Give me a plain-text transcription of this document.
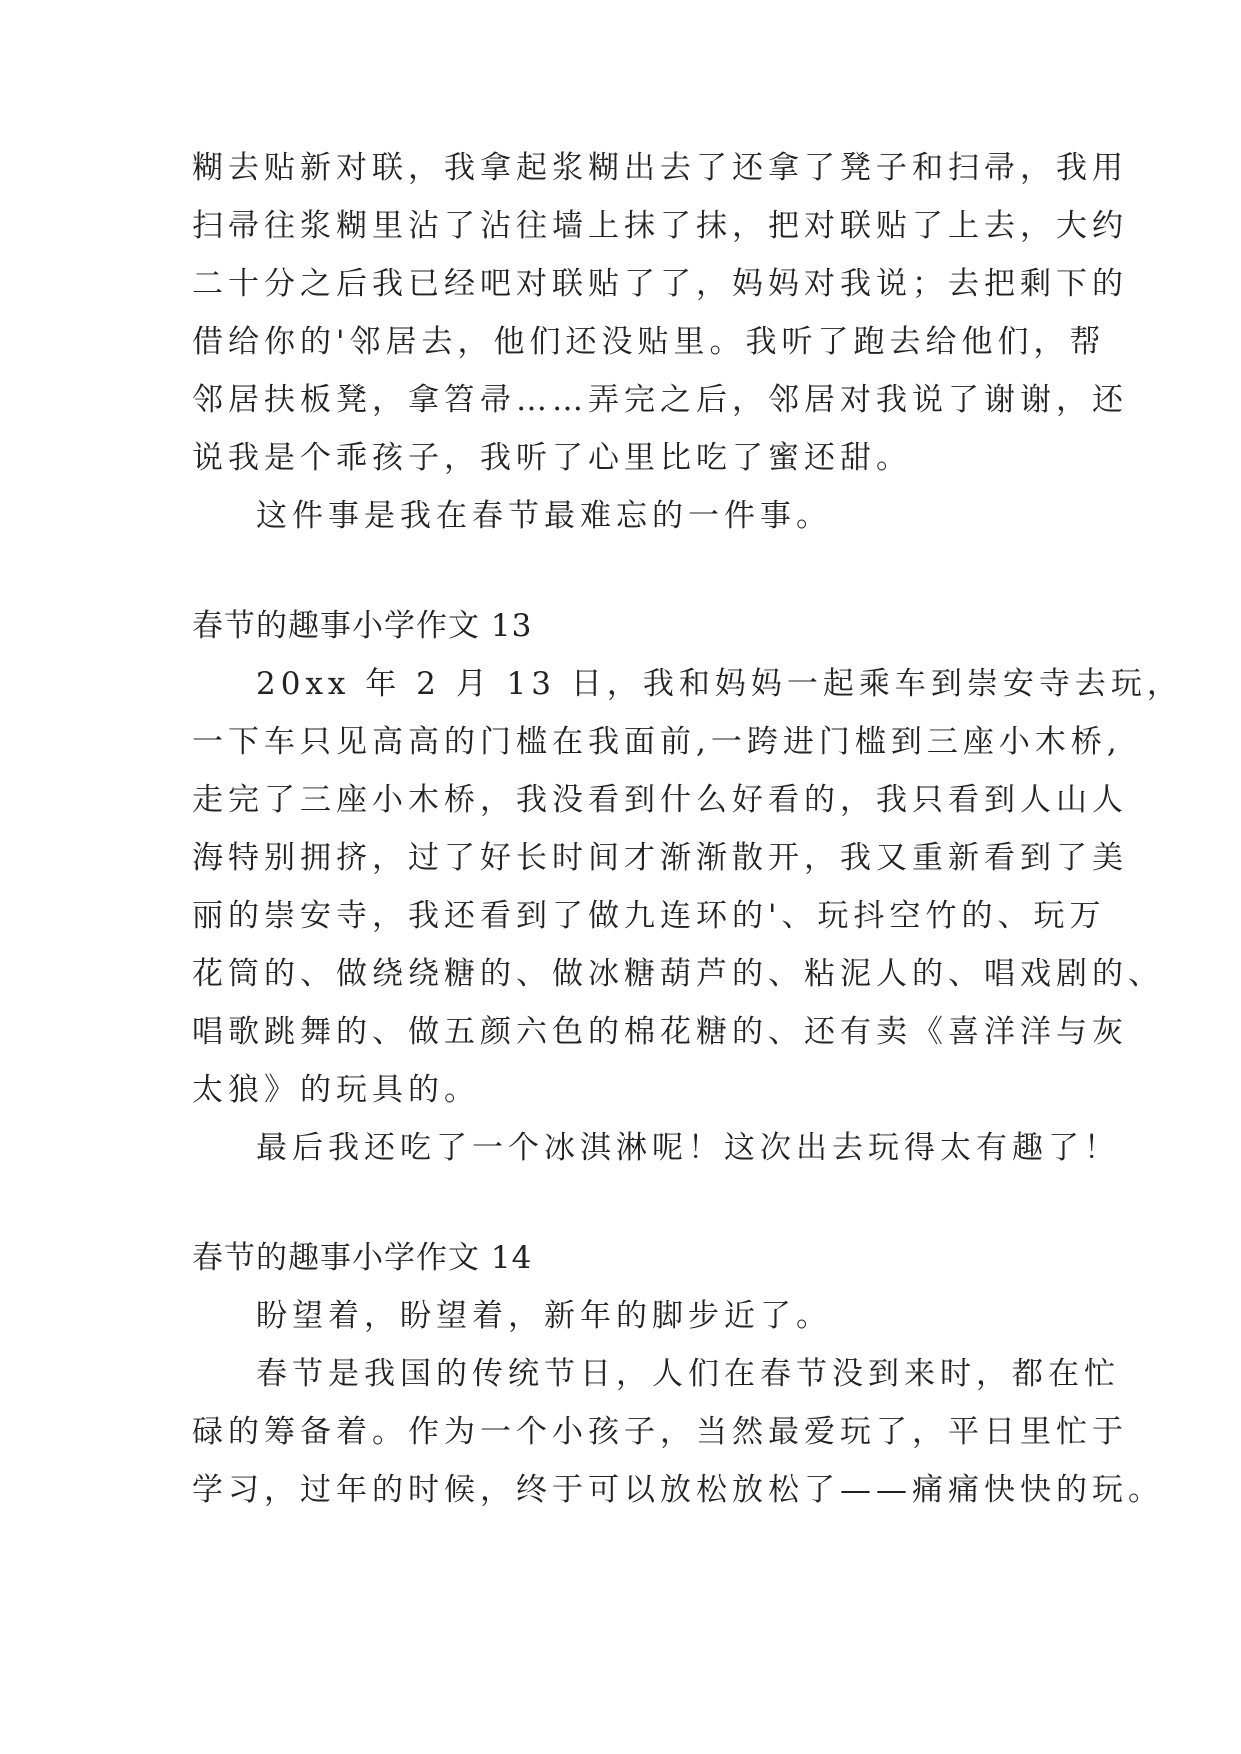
糊去贴新对联，我拿起浆糊出去了还拿了凳子和扫帚，我用
扫帚往浆糊里沾了沾往墙上抹了抹，把对联贴了上去，大约
二十分之后我已经吧对联贴了了，妈妈对我说；去把剩下的
借给你的'邻居去，他们还没贴里。我听了跑去给他们，帮
邻居扶板凳，拿笤帚……弄完之后，邻居对我说了谢谢，还
说我是个乖孩子，我听了心里比吃了蜜还甜。
这件事是我在春节最难忘的一件事。
春节的趣事小学作文 13
20xx 年 2 月 13 日，我和妈妈一起乘车到崇安寺去玩，
一下车只见高高的门槛在我面前,一跨进门槛到三座小木桥,
走完了三座小木桥，我没看到什么好看的，我只看到人山人
海特别拥挤，过了好长时间才渐渐散开，我又重新看到了美
丽的崇安寺，我还看到了做九连环的'、玩抖空竹的、玩万
花筒的、做绕绕糖的、做冰糖葫芦的、粘泥人的、唱戏剧的、
唱歌跳舞的、做五颜六色的棉花糖的、还有卖《喜洋洋与灰
太狼》的玩具的。
最后我还吃了一个冰淇淋呢！这次出去玩得太有趣了！
春节的趣事小学作文 14
盼望着，盼望着，新年的脚步近了。
春节是我国的传统节日，人们在春节没到来时，都在忙
碌的筹备着。作为一个小孩子，当然最爱玩了，平日里忙于
学习，过年的时候，终于可以放松放松了——痛痛快快的玩。
